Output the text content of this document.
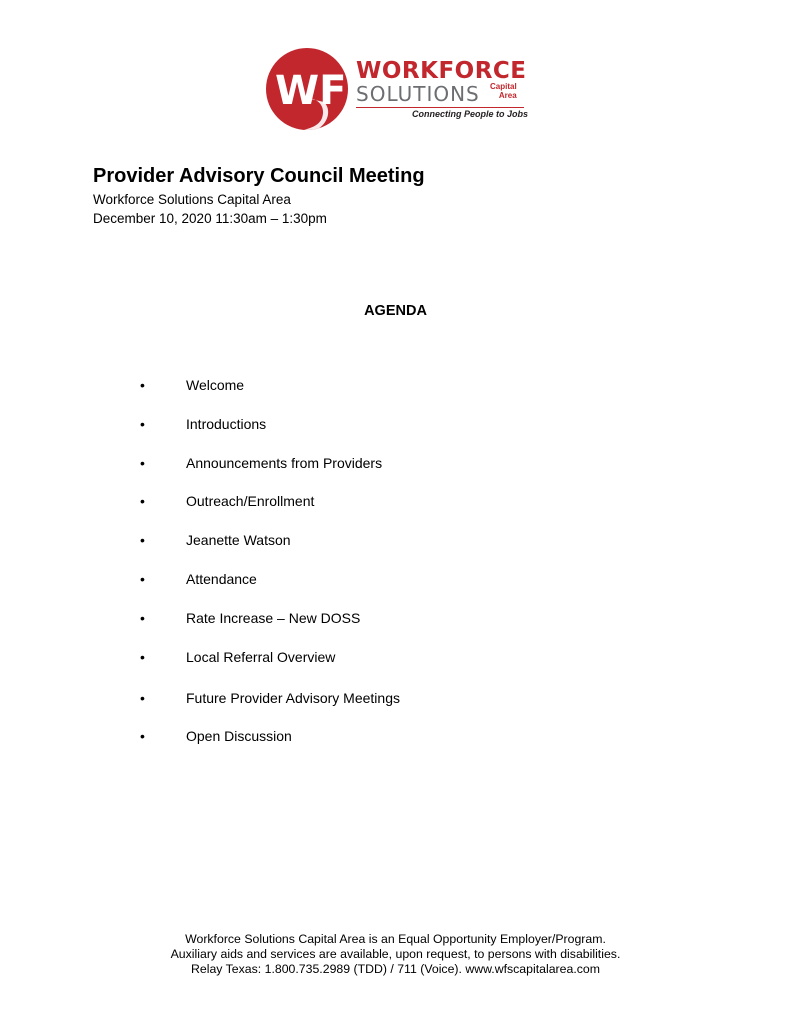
WF WORKFORCE
SOLUTIONS Capital
Area
Connecting People to Jobs
Provider Advisory Council Meeting
Workforce Solutions Capital Area
December 10, 2020 11:30am – 1:30pm
AGENDA
•	Welcome
•	Introductions
•	Announcements from Providers
•	Outreach/Enrollment
•	Jeanette Watson
•	Attendance
•	Rate Increase – New DOSS
•	Local Referral Overview
•	Future Provider Advisory Meetings
•	Open Discussion
Workforce Solutions Capital Area is an Equal Opportunity Employer/Program.
Auxiliary aids and services are available, upon request, to persons with disabilities.
Relay Texas: 1.800.735.2989 (TDD) / 711 (Voice). www.wfscapitalarea.com
